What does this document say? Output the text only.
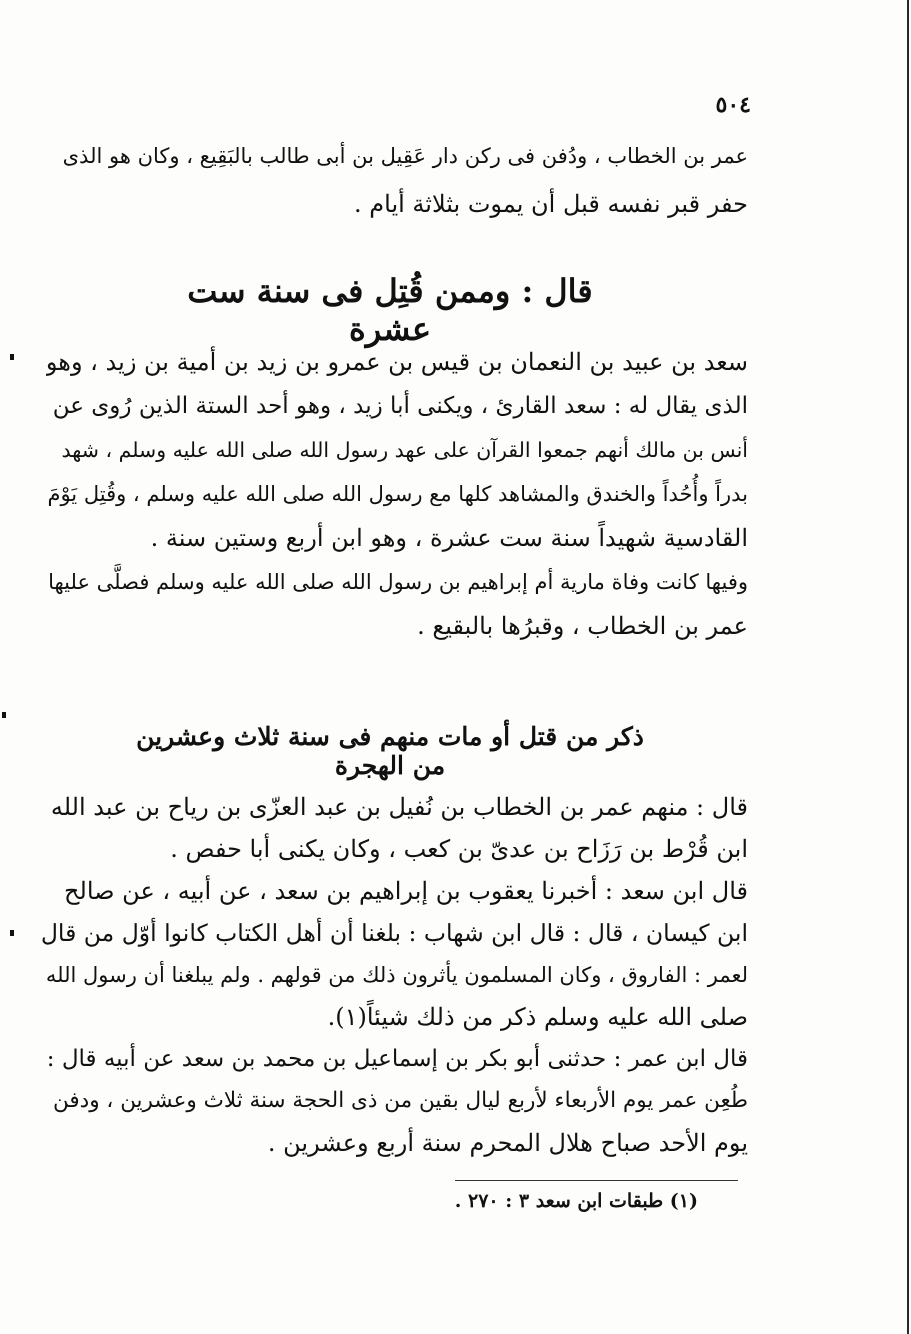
٥٠٤
عمر بن الخطاب ، ودُفن فى ركن دار عَقِيل بن أبى طالب بالبَقِيع ، وكان هو الذى
حفر قبر نفسه قبل أن يموت بثلاثة أيام .
قال : وممن قُتِل فى سنة ست عشرة
سعد بن عبيد بن النعمان بن قيس بن عمرو بن زيد بن أمية بن زيد ، وهو
الذى يقال له : سعد القارئ ، ويكنى أبا زيد ، وهو أحد الستة الذين رُوى عن
أنس بن مالك أنهم جمعوا القرآن على عهد رسول الله صلى الله عليه وسلم ، شهد
بدراً وأُحُداً والخندق والمشاهد كلها مع رسول الله صلى الله عليه وسلم ، وقُتِل يَوْمَ
القادسية شهيداً سنة ست عشرة ، وهو ابن أربع وستين سنة .
وفيها كانت وفاة مارية أم إبراهيم بن رسول الله صلى الله عليه وسلم فصلَّى عليها
عمر بن الخطاب ، وقبرُها بالبقيع .
ذكر من قتل أو مات منهم فى سنة ثلاث وعشرين من الهجرة
قال : منهم عمر بن الخطاب بن نُفيل بن عبد العزّى بن رياح بن عبد الله
ابن قُرْط بن رَزَاح بن عدىّ بن كعب ، وكان يكنى أبا حفص .
قال ابن سعد : أخبرنا يعقوب بن إبراهيم بن سعد ، عن أبيه ، عن صالح
ابن كيسان ، قال : قال ابن شهاب : بلغنا أن أهل الكتاب كانوا أوّل من قال
لعمر : الفاروق ، وكان المسلمون يأثرون ذلك من قولهم . ولم يبلغنا أن رسول الله
صلى الله عليه وسلم ذكر من ذلك شيئاً(١).
قال ابن عمر : حدثنى أبو بكر بن إسماعيل بن محمد بن سعد عن أبيه قال :
طُعِن عمر يوم الأربعاء لأربع ليال بقين من ذى الحجة سنة ثلاث وعشرين ، ودفن
يوم الأحد صباح هلال المحرم سنة أربع وعشرين .
(١) طبقات ابن سعد ٣ : ٢٧٠ .
